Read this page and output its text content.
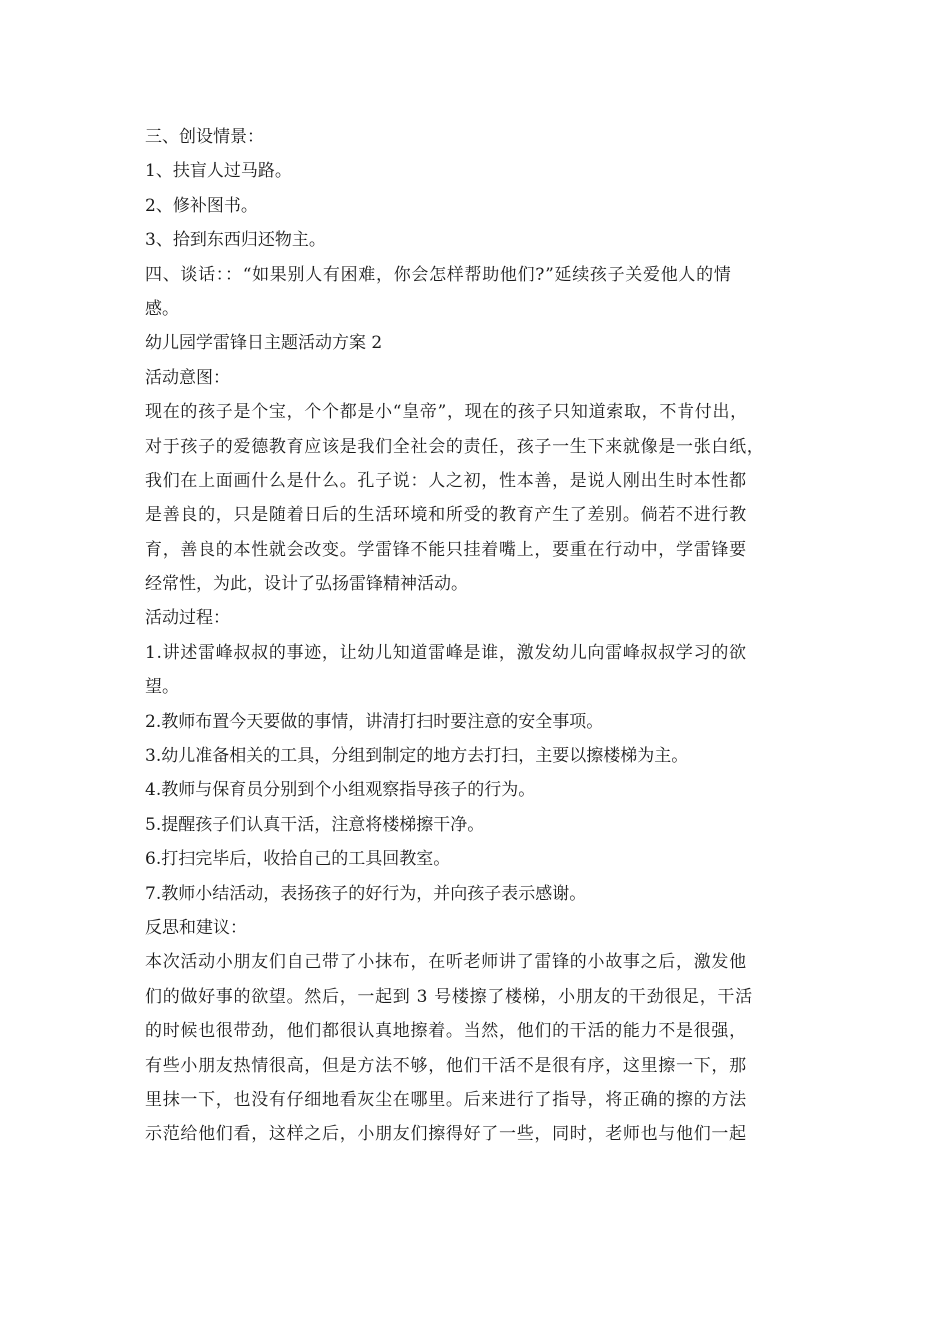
三、创设情景：
1、扶盲人过马路。
2、修补图书。
3、拾到东西归还物主。
四、谈话：：“如果别人有困难，你会怎样帮助他们?”延续孩子关爱他人的情
感。
幼儿园学雷锋日主题活动方案 2
活动意图：
现在的孩子是个宝，个个都是小“皇帝”，现在的孩子只知道索取，不肯付出，
对于孩子的爱德教育应该是我们全社会的责任，孩子一生下来就像是一张白纸，
我们在上面画什么是什么。孔子说：人之初，性本善，是说人刚出生时本性都
是善良的，只是随着日后的生活环境和所受的教育产生了差别。倘若不进行教
育，善良的本性就会改变。学雷锋不能只挂着嘴上，要重在行动中，学雷锋要
经常性，为此，设计了弘扬雷锋精神活动。
活动过程：
1.讲述雷峰叔叔的事迹，让幼儿知道雷峰是谁，激发幼儿向雷峰叔叔学习的欲
望。
2.教师布置今天要做的事情，讲清打扫时要注意的安全事项。
3.幼儿准备相关的工具，分组到制定的地方去打扫，主要以擦楼梯为主。
4.教师与保育员分别到个小组观察指导孩子的行为。
5.提醒孩子们认真干活，注意将楼梯擦干净。
6.打扫完毕后，收拾自己的工具回教室。
7.教师小结活动，表扬孩子的好行为，并向孩子表示感谢。
反思和建议：
本次活动小朋友们自己带了小抹布，在听老师讲了雷锋的小故事之后，激发他
们的做好事的欲望。然后，一起到 3 号楼擦了楼梯，小朋友的干劲很足，干活
的时候也很带劲，他们都很认真地擦着。当然，他们的干活的能力不是很强，
有些小朋友热情很高，但是方法不够，他们干活不是很有序，这里擦一下，那
里抹一下，也没有仔细地看灰尘在哪里。后来进行了指导，将正确的擦的方法
示范给他们看，这样之后，小朋友们擦得好了一些，同时，老师也与他们一起
